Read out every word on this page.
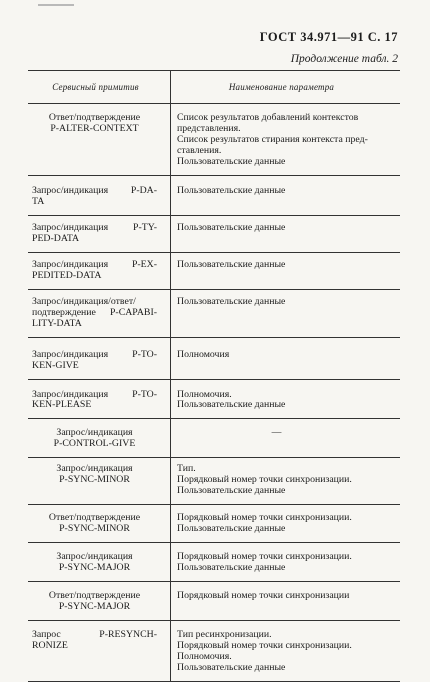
ГОСТ 34.971—91 С. 17
Продолжение табл. 2
Сервисный примитив	Наименование параметра
Ответ/подтверждение
P-ALTER-CONTEXT
Список результатов добавлений контекстов
представления.
Список результатов стирания контекста пред-
ставления.
Пользовательские данные
Запрос/индикация P-DA-
TA
Пользовательские данные
Запрос/индикация P-TY-
PED-DATA
Пользовательские данные
Запрос/индикация P-EX-
PEDITED-DATA
Пользовательские данные
Запрос/индикация/ответ/
подтверждение P-CAPABI-
LITY-DATA
Пользовательские данные
Запрос/индикация P-TO-
KEN-GIVE
Полномочия
Запрос/индикация P-TO-
KEN-PLEASE
Полномочия.
Пользовательские данные
Запрос/индикация
P-CONTROL-GIVE
—
Запрос/индикация
P-SYNC-MINOR
Тип.
Порядковый номер точки синхронизации.
Пользовательские данные
Ответ/подтверждение
P-SYNC-MINOR
Порядковый номер точки синхронизации.
Пользовательские данные
Запрос/индикация
P-SYNC-MAJOR
Порядковый номер точки синхронизации.
Пользовательские данные
Ответ/подтверждение
P-SYNC-MAJOR
Порядковый номер точки синхронизации
Запрос P-RESYNCH-
RONIZE
Тип ресинхронизации.
Порядковый номер точки синхронизации.
Полномочия.
Пользовательские данные
